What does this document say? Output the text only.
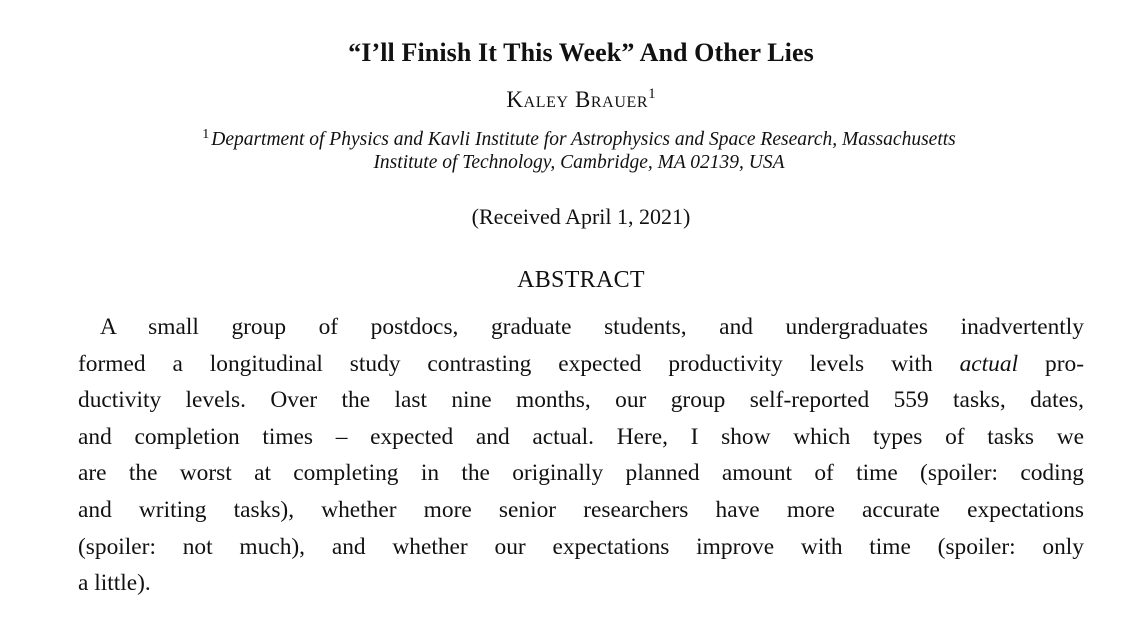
“I’ll Finish It This Week” And Other Lies
Kaley Brauer$^1$
$^1$ Department of Physics and Kavli Institute for Astrophysics and Space Research, Massachusetts
Institute of Technology, Cambridge, MA 02139, USA
(Received April 1, 2021)
ABSTRACT
A small group of postdocs, graduate students, and undergraduates inadvertently
formed a longitudinal study contrasting expected productivity levels with actual pro-
ductivity levels. Over the last nine months, our group self-reported 559 tasks, dates,
and completion times – expected and actual. Here, I show which types of tasks we
are the worst at completing in the originally planned amount of time (spoiler: coding
and writing tasks), whether more senior researchers have more accurate expectations
(spoiler: not much), and whether our expectations improve with time (spoiler: only
a little).
